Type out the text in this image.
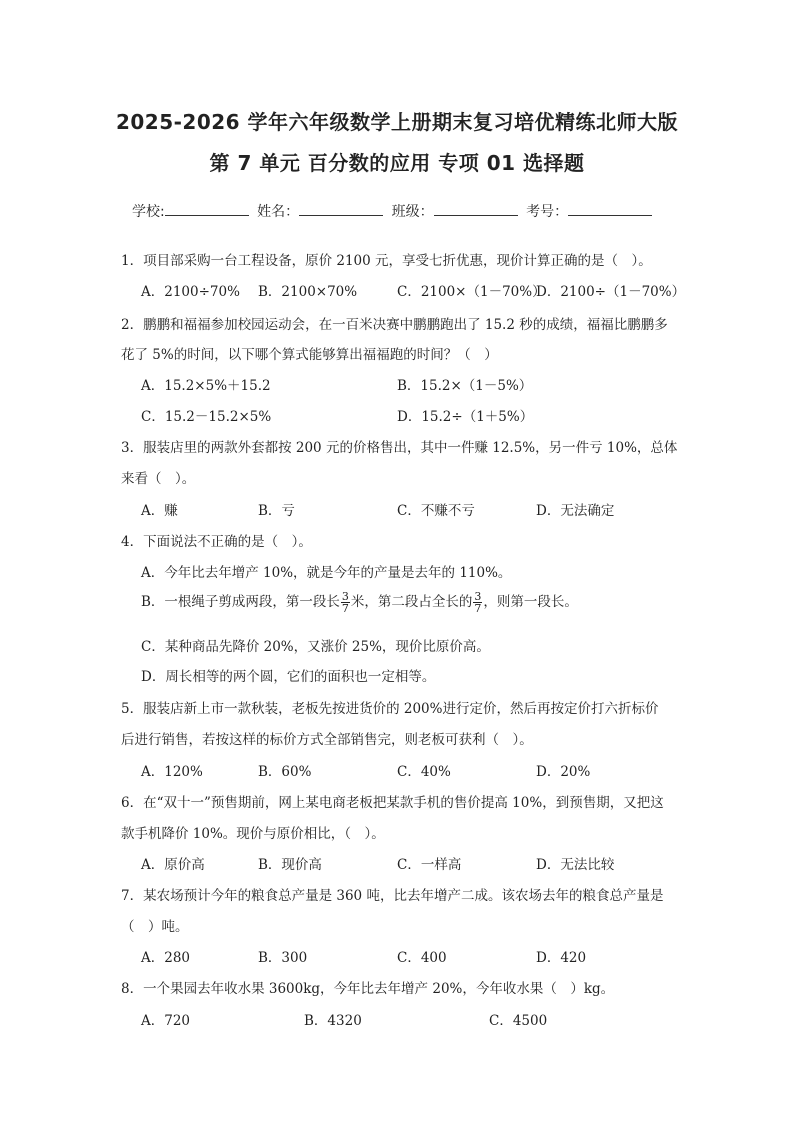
2025-2026 学年六年级数学上册期末复习培优精练北师大版
第 7 单元 百分数的应用 专项 01 选择题
学校:	姓名：	班级：	考号：
1．项目部采购一台工程设备，原价 2100 元，享受七折优惠，现价计算正确的是（　）。
A．2100÷70% B．2100×70%	C．2100×（1－70%）
D．2100÷（1－70%）
2．鹏鹏和福福参加校园运动会，在一百米决赛中鹏鹏跑出了 15.2 秒的成绩，福福比鹏鹏多
花了 5%的时间，以下哪个算式能够算出福福跑的时间？（　）
A．15.2×5%＋15.2	B．15.2×（1－5%）
C．15.2－15.2×5%	D．15.2÷（1＋5%）
3．服装店里的两款外套都按 200 元的价格售出，其中一件赚 12.5%，另一件亏 10%，总体
来看（　）。
A．赚	B．亏	C．不赚不亏	D．无法确定
4．下面说法不正确的是（　）。
A．今年比去年增产 10%，就是今年的产量是去年的 110%。
B．一根绳子剪成两段，第一段长 $\frac{3}{7}$ 米，第二段占全长的 $\frac{3}{7}$ ，则第一段长。
C．某种商品先降价 20%，又涨价 25%，现价比原价高。
D．周长相等的两个圆，它们的面积也一定相等。
5．服装店新上市一款秋装，老板先按进货价的 200%进行定价，然后再按定价打六折标价
后进行销售，若按这样的标价方式全部销售完，则老板可获利（　）。
A．120%	B．60%	C．40%	D．20%
6．在“双十一”预售期前，网上某电商老板把某款手机的售价提高 10%，到预售期，又把这
款手机降价 10%。现价与原价相比，（　）。
A．原价高	B．现价高	C．一样高	D．无法比较
7．某农场预计今年的粮食总产量是 360 吨，比去年增产二成。该农场去年的粮食总产量是
（　）吨。
A．280	B．300	C．400	D．420
8．一个果园去年收水果 3600kg，今年比去年增产 20%，今年收水果（　）kg。
A．720	B．4320	C．4500
